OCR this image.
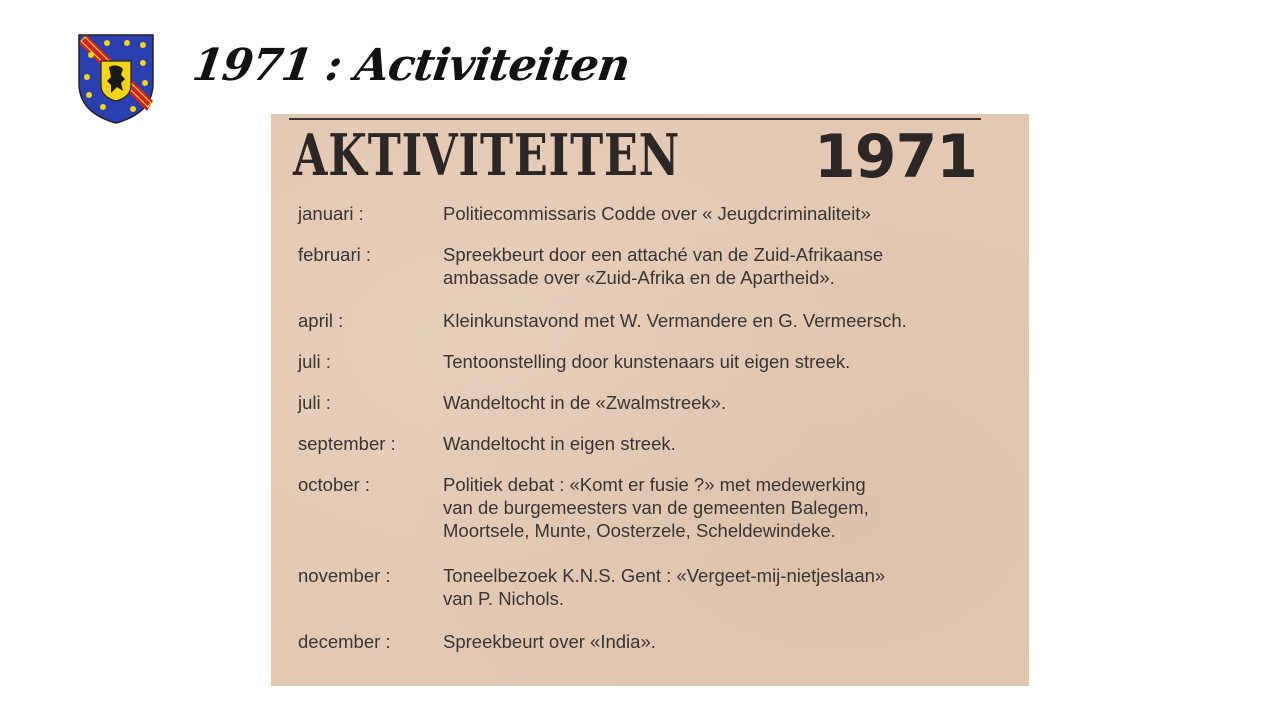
1971 : Activiteiten
AKTIVITEITEN 1971
januari :	Politiecommissaris Codde over « Jeugdcriminaliteit»
februari :	Spreekbeurt door een attaché van de Zuid-Afrikaanse
ambassade over «Zuid-Afrika en de Apartheid».
april :	Kleinkunstavond met W. Vermandere en G. Vermeersch.
juli :	Tentoonstelling door kunstenaars uit eigen streek.
juli :	Wandeltocht in de «Zwalmstreek».
september :	Wandeltocht in eigen streek.
october :	Politiek debat : «Komt er fusie ?» met medewerking
van de burgemeesters van de gemeenten Balegem,
Moortsele, Munte, Oosterzele, Scheldewindeke.
november :	Toneelbezoek K.N.S. Gent : «Vergeet-mij-nietjeslaan»
van P. Nichols.
december :	Spreekbeurt over «India».
